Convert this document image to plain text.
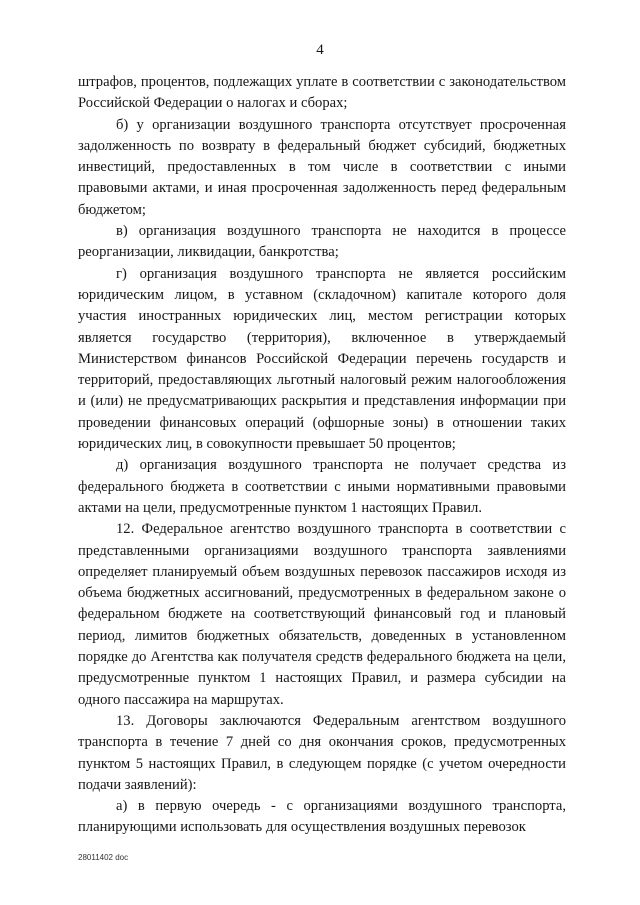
4

штрафов, процентов, подлежащих уплате в соответствии с законодательством Российской Федерации о налогах и сборах;

б) у организации воздушного транспорта отсутствует просроченная задолженность по возврату в федеральный бюджет субсидий, бюджетных инвестиций, предоставленных в том числе в соответствии с иными правовыми актами, и иная просроченная задолженность перед федеральным бюджетом;

в) организация воздушного транспорта не находится в процессе реорганизации, ликвидации, банкротства;

г) организация воздушного транспорта не является российским юридическим лицом, в уставном (складочном) капитале которого доля участия иностранных юридических лиц, местом регистрации которых является государство (территория), включенное в утверждаемый Министерством финансов Российской Федерации перечень государств и территорий, предоставляющих льготный налоговый режим налогообложения и (или) не предусматривающих раскрытия и представления информации при проведении финансовых операций (офшорные зоны) в отношении таких юридических лиц, в совокупности превышает 50 процентов;

д) организация воздушного транспорта не получает средства из федерального бюджета в соответствии с иными нормативными правовыми актами на цели, предусмотренные пунктом 1 настоящих Правил.

12. Федеральное агентство воздушного транспорта в соответствии с представленными организациями воздушного транспорта заявлениями определяет планируемый объем воздушных перевозок пассажиров исходя из объема бюджетных ассигнований, предусмотренных в федеральном законе о федеральном бюджете на соответствующий финансовый год и плановый период, лимитов бюджетных обязательств, доведенных в установленном порядке до Агентства как получателя средств федерального бюджета на цели, предусмотренные пунктом 1 настоящих Правил, и размера субсидии на одного пассажира на маршрутах.

13. Договоры заключаются Федеральным агентством воздушного транспорта в течение 7 дней со дня окончания сроков, предусмотренных пунктом 5 настоящих Правил, в следующем порядке (с учетом очередности подачи заявлений):

а) в первую очередь - с организациями воздушного транспорта, планирующими использовать для осуществления воздушных перевозок

28011402 doc
